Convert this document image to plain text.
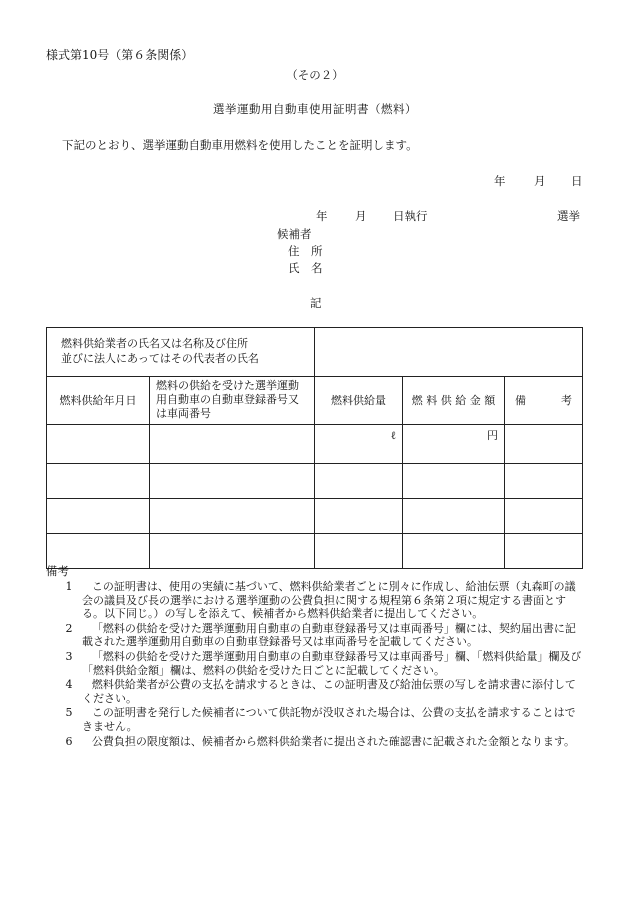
様式第10号（第６条関係）
（その２）
選挙運動用自動車使用証明書（燃料）
下記のとおり、選挙運動自動車用燃料を使用したことを証明します。
年 月 日
年 月 日執行	選挙
候補者
住　所
氏　名
記
燃料供給業者の氏名又は名称及び住所
並びに法人にあってはその代表者の氏名				

燃料供給年月日	燃料の供給を受けた選挙運動用自動車の自動車登録番号又は車両番号	燃料供給量	燃 料 供 給 金 額	備 考

		ℓ	円	

備考
1	この証明書は、使用の実績に基づいて、燃料供給業者ごとに別々に作成し、給油伝票（丸森町の議会の議員及び長の選挙における選挙運動の公費負担に関する規程第６条第２項に規定する書面とする。以下同じ。）の写しを添えて、候補者から燃料供給業者に提出してください。
2	「燃料の供給を受けた選挙運動用自動車の自動車登録番号又は車両番号」欄には、契約届出書に記載された選挙運動用自動車の自動車登録番号又は車両番号を記載してください。
3	「燃料の供給を受けた選挙運動用自動車の自動車登録番号又は車両番号」欄、「燃料供給量」欄及び「燃料供給金額」欄は、燃料の供給を受けた日ごとに記載してください。
4	燃料供給業者が公費の支払を請求するときは、この証明書及び給油伝票の写しを請求書に添付してください。
5	この証明書を発行した候補者について供託物が没収された場合は、公費の支払を請求することはできません。
6	公費負担の限度額は、候補者から燃料供給業者に提出された確認書に記載された金額となります。
